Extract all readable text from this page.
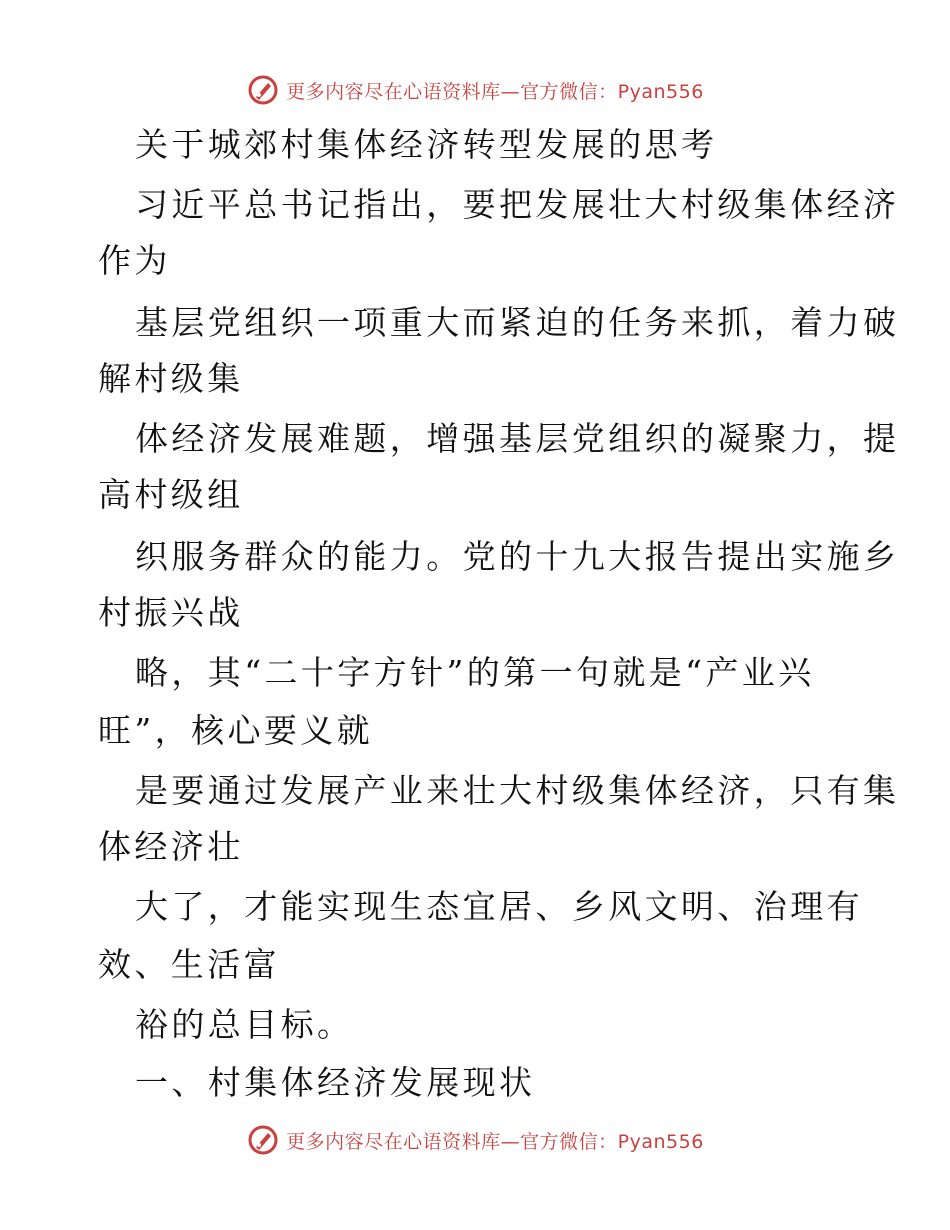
更多内容尽在心语资料库—官方微信：Pyan556
关于城郊村集体经济转型发展的思考
习近平总书记指出，要把发展壮大村级集体经济
作为
基层党组织一项重大而紧迫的任务来抓，着力破
解村级集
体经济发展难题，增强基层党组织的凝聚力，提
高村级组
织服务群众的能力。党的十九大报告提出实施乡
村振兴战
略，其“二十字方针”的第一句就是“产业兴
旺”，核心要义就
是要通过发展产业来壮大村级集体经济，只有集
体经济壮
大了，才能实现生态宜居、乡风文明、治理有
效、生活富
裕的总目标。
一、村集体经济发展现状
更多内容尽在心语资料库—官方微信：Pyan556
